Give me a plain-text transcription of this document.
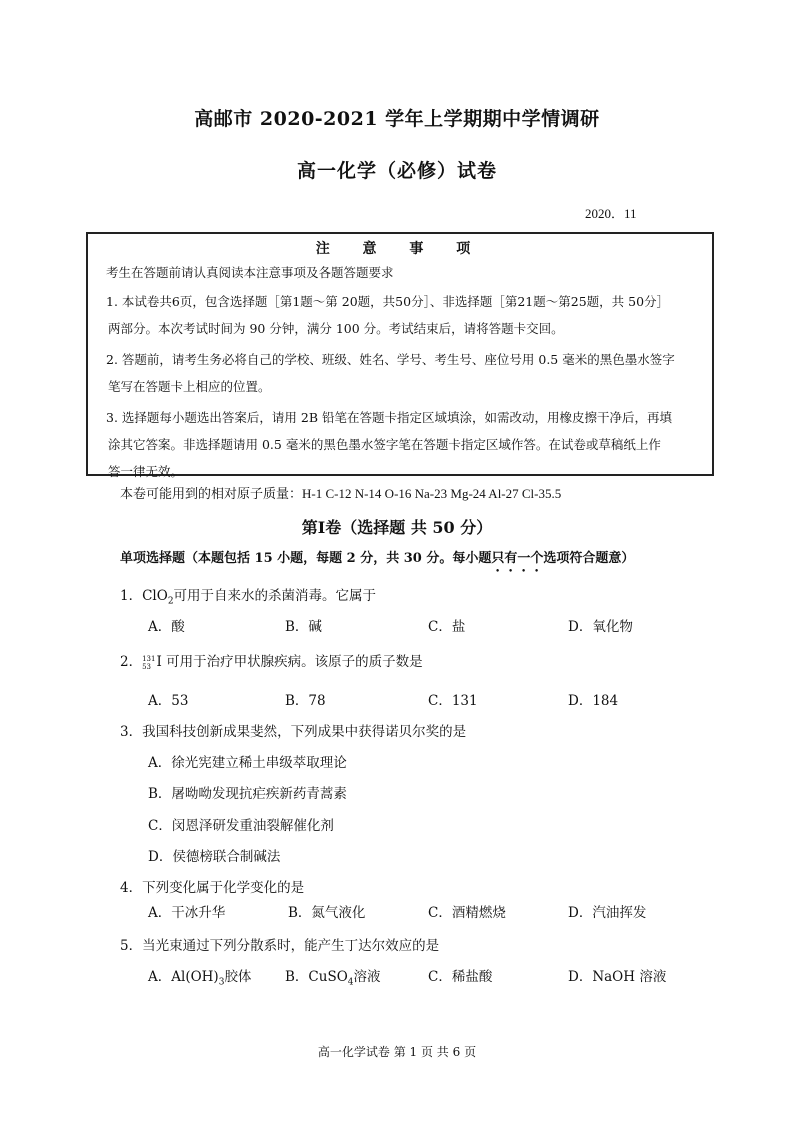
高邮市 2020-2021 学年上学期期中学情调研
高一化学（必修）试卷
2020．11
注 意 事 项
考生在答题前请认真阅读本注意事项及各题答题要求
1. 本试卷共6页，包含选择题［第1题～第 20题，共50分］、非选择题［第21题～第25题，共 50分］
两部分。本次考试时间为 90 分钟，满分 100 分。考试结束后，请将答题卡交回。
2. 答题前，请考生务必将自己的学校、班级、姓名、学号、考生号、座位号用 0.5 毫米的黑色墨水签字
笔写在答题卡上相应的位置。
3. 选择题每小题选出答案后，请用 2B 铅笔在答题卡指定区域填涂，如需改动，用橡皮擦干净后，再填
涂其它答案。非选择题请用 0.5 毫米的黑色墨水签字笔在答题卡指定区域作答。在试卷或草稿纸上作
答一律无效。
本卷可能用到的相对原子质量：H-1 C-12 N-14 O-16 Na-23 Mg-24 Al-27 Cl-35.5
第Ⅰ卷（选择题 共 50 分）
单项选择题（本题包括 15 小题，每题 2 分，共 30 分。每小题只有一个选项符合题意）
1．ClO$_2$可用于自来水的杀菌消毒。它属于
A．酸	B．碱	C．盐	D．氧化物
2． 131
53 I 可用于治疗甲状腺疾病。该原子的质子数是
A．53	B．78	C．131	D．184
3．我国科技创新成果斐然，下列成果中获得诺贝尔奖的是
A．徐光宪建立稀土串级萃取理论
B．屠呦呦发现抗疟疾新药青蒿素
C．闵恩泽研发重油裂解催化剂
D．侯德榜联合制碱法
4．下列变化属于化学变化的是
A．干冰升华	B．氮气液化	C．酒精燃烧	D．汽油挥发
5．当光束通过下列分散系时，能产生丁达尔效应的是
A．$Al(OH)_3$胶体 B．CuSO$_4$溶液	C．稀盐酸	D．NaOH 溶液
高一化学试卷 第 1 页 共 6 页
